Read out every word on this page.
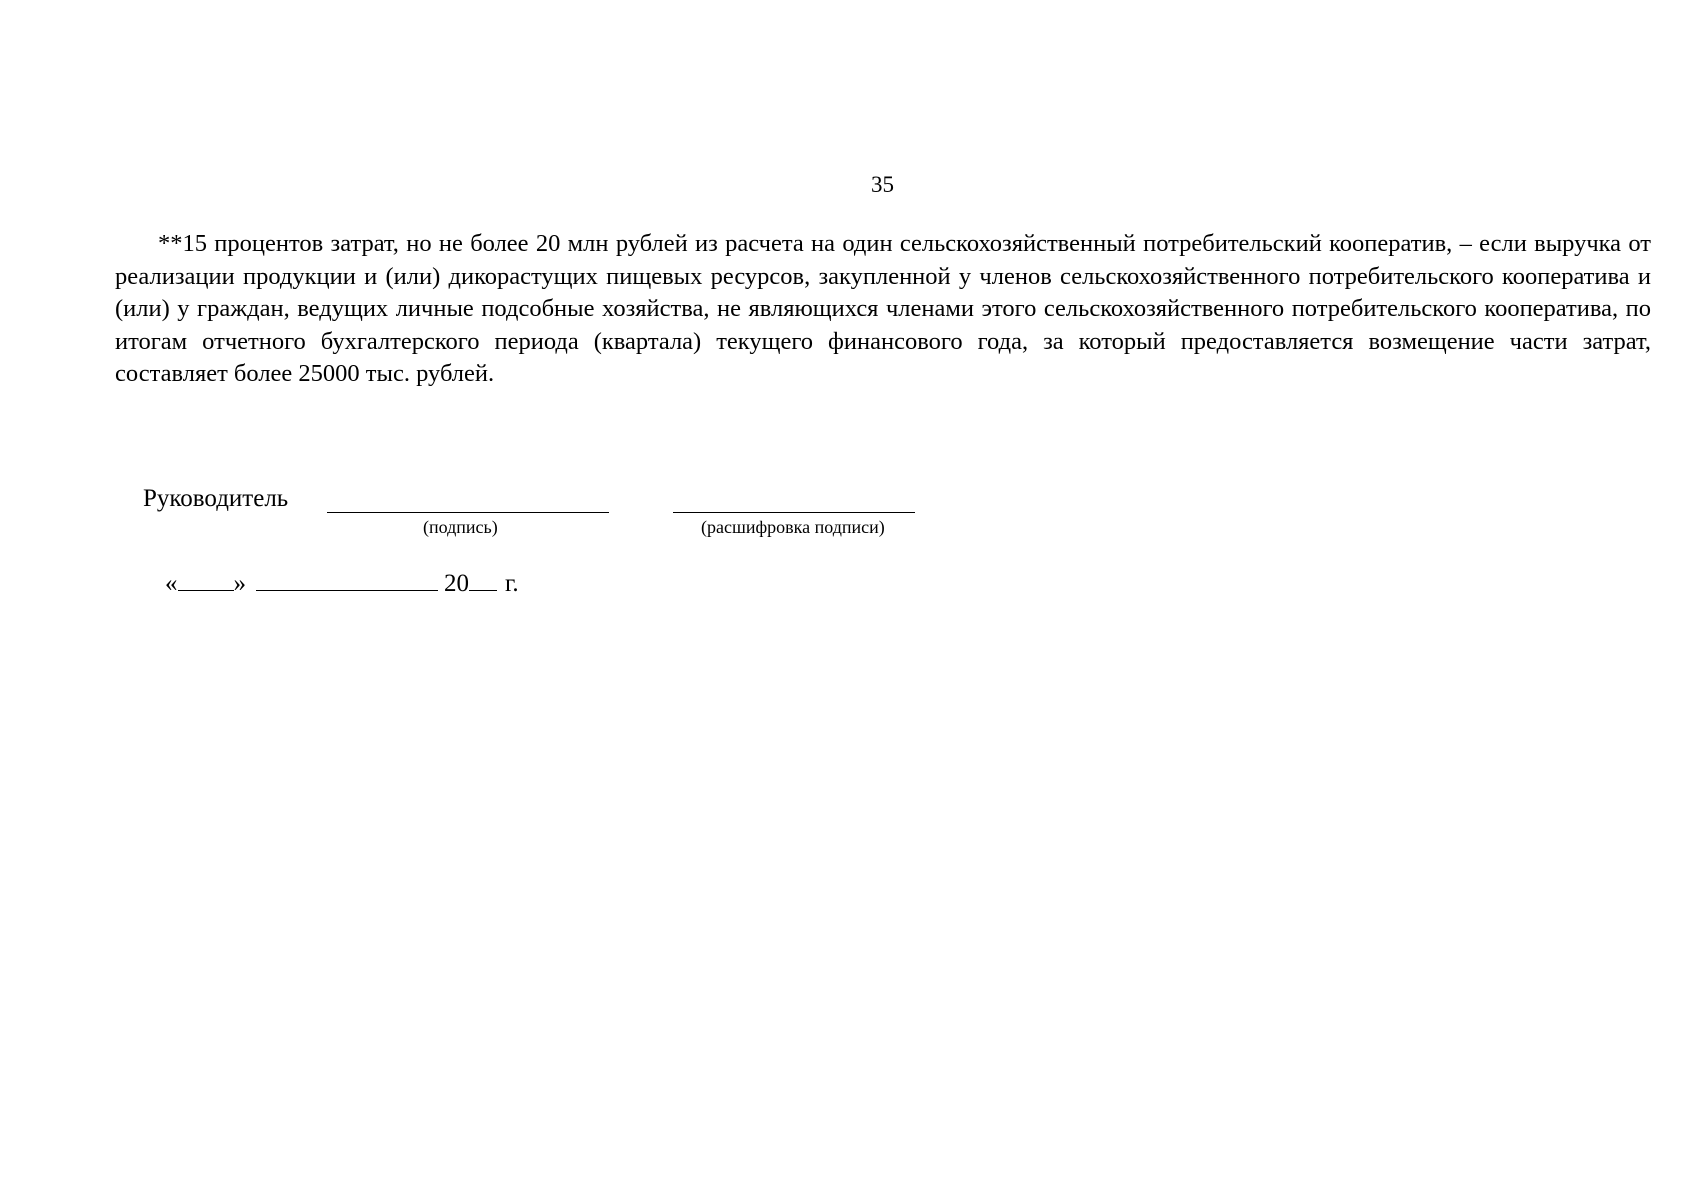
35

**15 процентов затрат, но не более 20 млн рублей из расчета на один сельскохозяйственный потребительский кооператив, – если выручка от реализации продукции и (или) дикорастущих пищевых ресурсов, закупленной у членов сельскохозяйственного потребительского кооператива и (или) у граждан, ведущих личные подсобные хозяйства, не являющихся членами этого сельскохозяйственного потребительского кооператива, по итогам отчетного бухгалтерского периода (квартала) текущего финансового года, за который предоставляется возмещение части затрат, составляет более 25000 тыс. рублей.

Руководитель
(подпись)	(расшифровка подписи)
« »	20 г.
